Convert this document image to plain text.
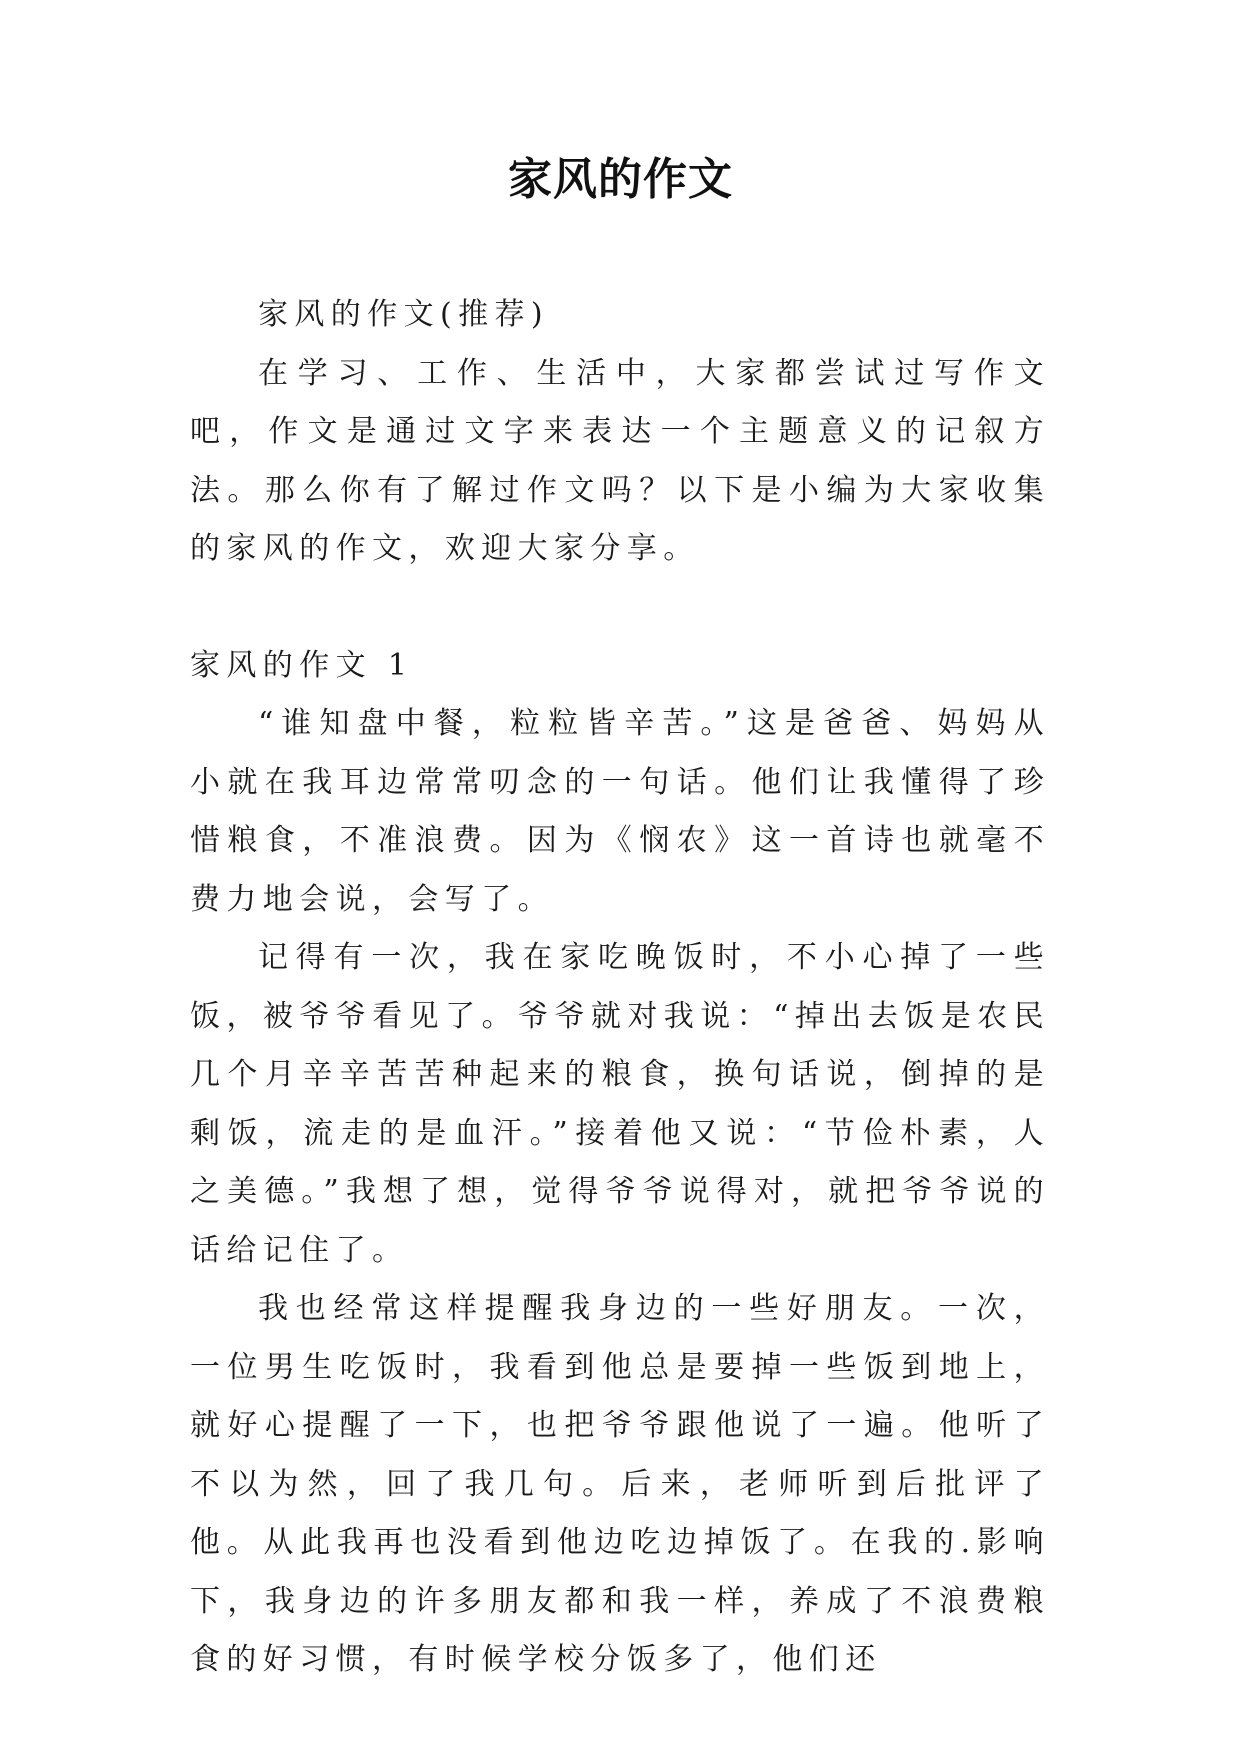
家风的作文

家风的作文(推荐)

在学习、工作、生活中，大家都尝试过写作文吧，作文是通过文字来表达一个主题意义的记叙方法。那么你有了解过作文吗？以下是小编为大家收集的家风的作文，欢迎大家分享。

家风的作文 1

“谁知盘中餐，粒粒皆辛苦。”这是爸爸、妈妈从小就在我耳边常常叨念的一句话。他们让我懂得了珍惜粮食，不准浪费。因为《悯农》这一首诗也就毫不费力地会说，会写了。

记得有一次，我在家吃晚饭时，不小心掉了一些饭，被爷爷看见了。爷爷就对我说：“掉出去饭是农民几个月辛辛苦苦种起来的粮食，换句话说，倒掉的是剩饭，流走的是血汗。”接着他又说：“节俭朴素，人之美德。”我想了想，觉得爷爷说得对，就把爷爷说的话给记住了。

我也经常这样提醒我身边的一些好朋友。一次，一位男生吃饭时，我看到他总是要掉一些饭到地上，就好心提醒了一下，也把爷爷跟他说了一遍。他听了不以为然，回了我几句。后来，老师听到后批评了他。从此我再也没看到他边吃边掉饭了。在我的.影响下，我身边的许多朋友都和我一样，养成了不浪费粮食的好习惯，有时候学校分饭多了，他们还
